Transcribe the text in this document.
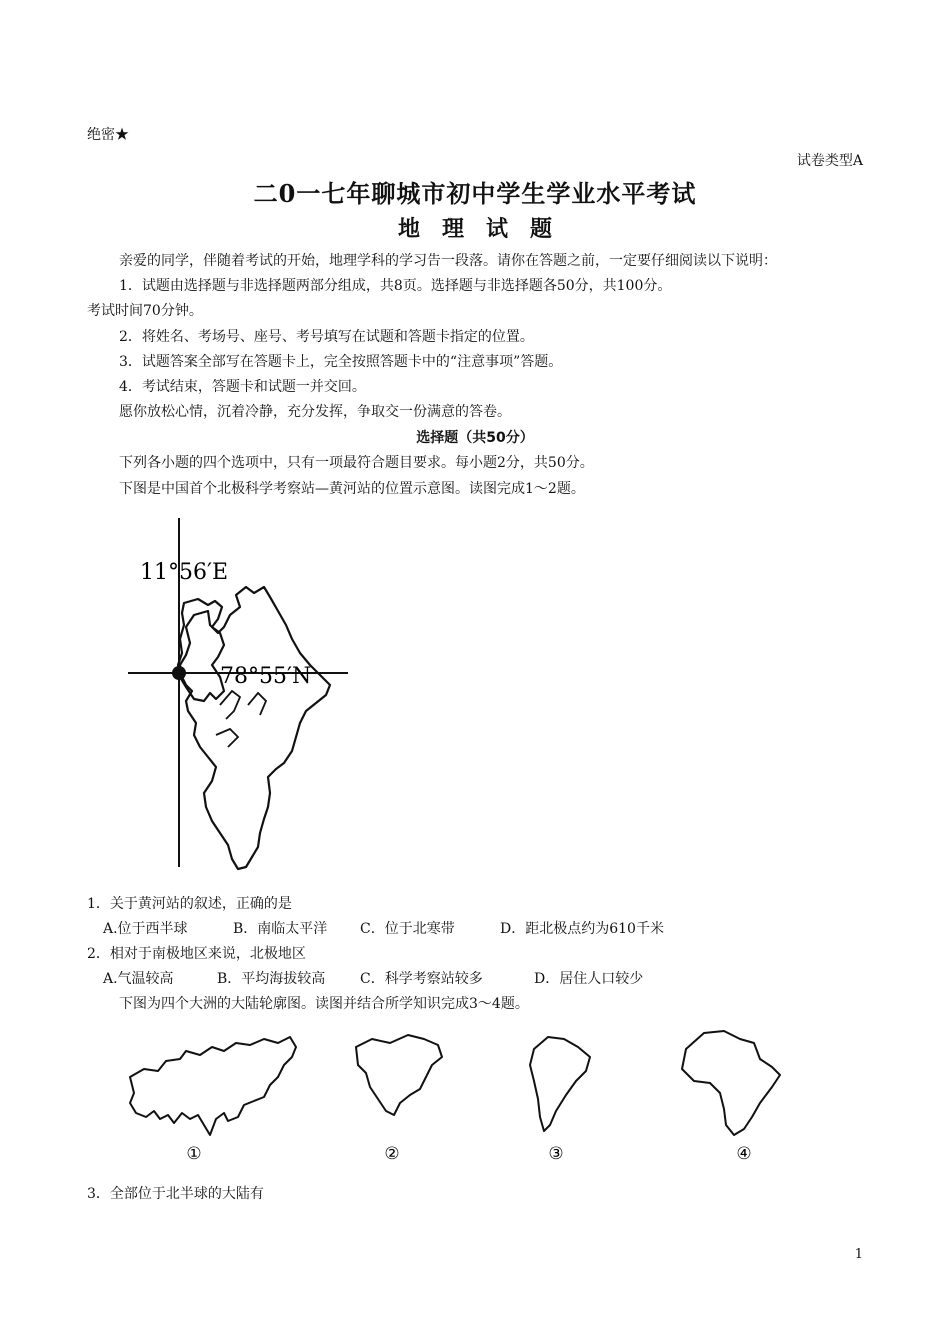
绝密★
试卷类型A
二0一七年聊城市初中学生学业水平考试
地理试题
亲爱的同学，伴随着考试的开始，地理学科的学习告一段落。请你在答题之前，一定要仔细阅读以下说明：
1．试题由选择题与非选择题两部分组成，共8页。选择题与非选择题各50分，共100分。
考试时间70分钟。
2．将姓名、考场号、座号、考号填写在试题和答题卡指定的位置。
3．试题答案全部写在答题卡上，完全按照答题卡中的“注意事项”答题。
4．考试结束，答题卡和试题一并交回。
愿你放松心情，沉着冷静，充分发挥，争取交一份满意的答卷。
选择题（共50分）
下列各小题的四个选项中，只有一项最符合题目要求。每小题2分，共50分。
下图是中国首个北极科学考察站—黄河站的位置示意图。读图完成1～2题。
11°56′E
78°55′N
1．关于黄河站的叙述，正确的是
A.位于西半球	B．南临太平洋 C．位于北寒带	D．距北极点约为610千米
2．相对于南极地区来说，北极地区
A.气温较高	B．平均海拔较高 C．科学考察站较多	D．居住人口较少
下图为四个大洲的大陆轮廓图。读图并结合所学知识完成3～4题。
①	②	③	④
3．全部位于北半球的大陆有
1
